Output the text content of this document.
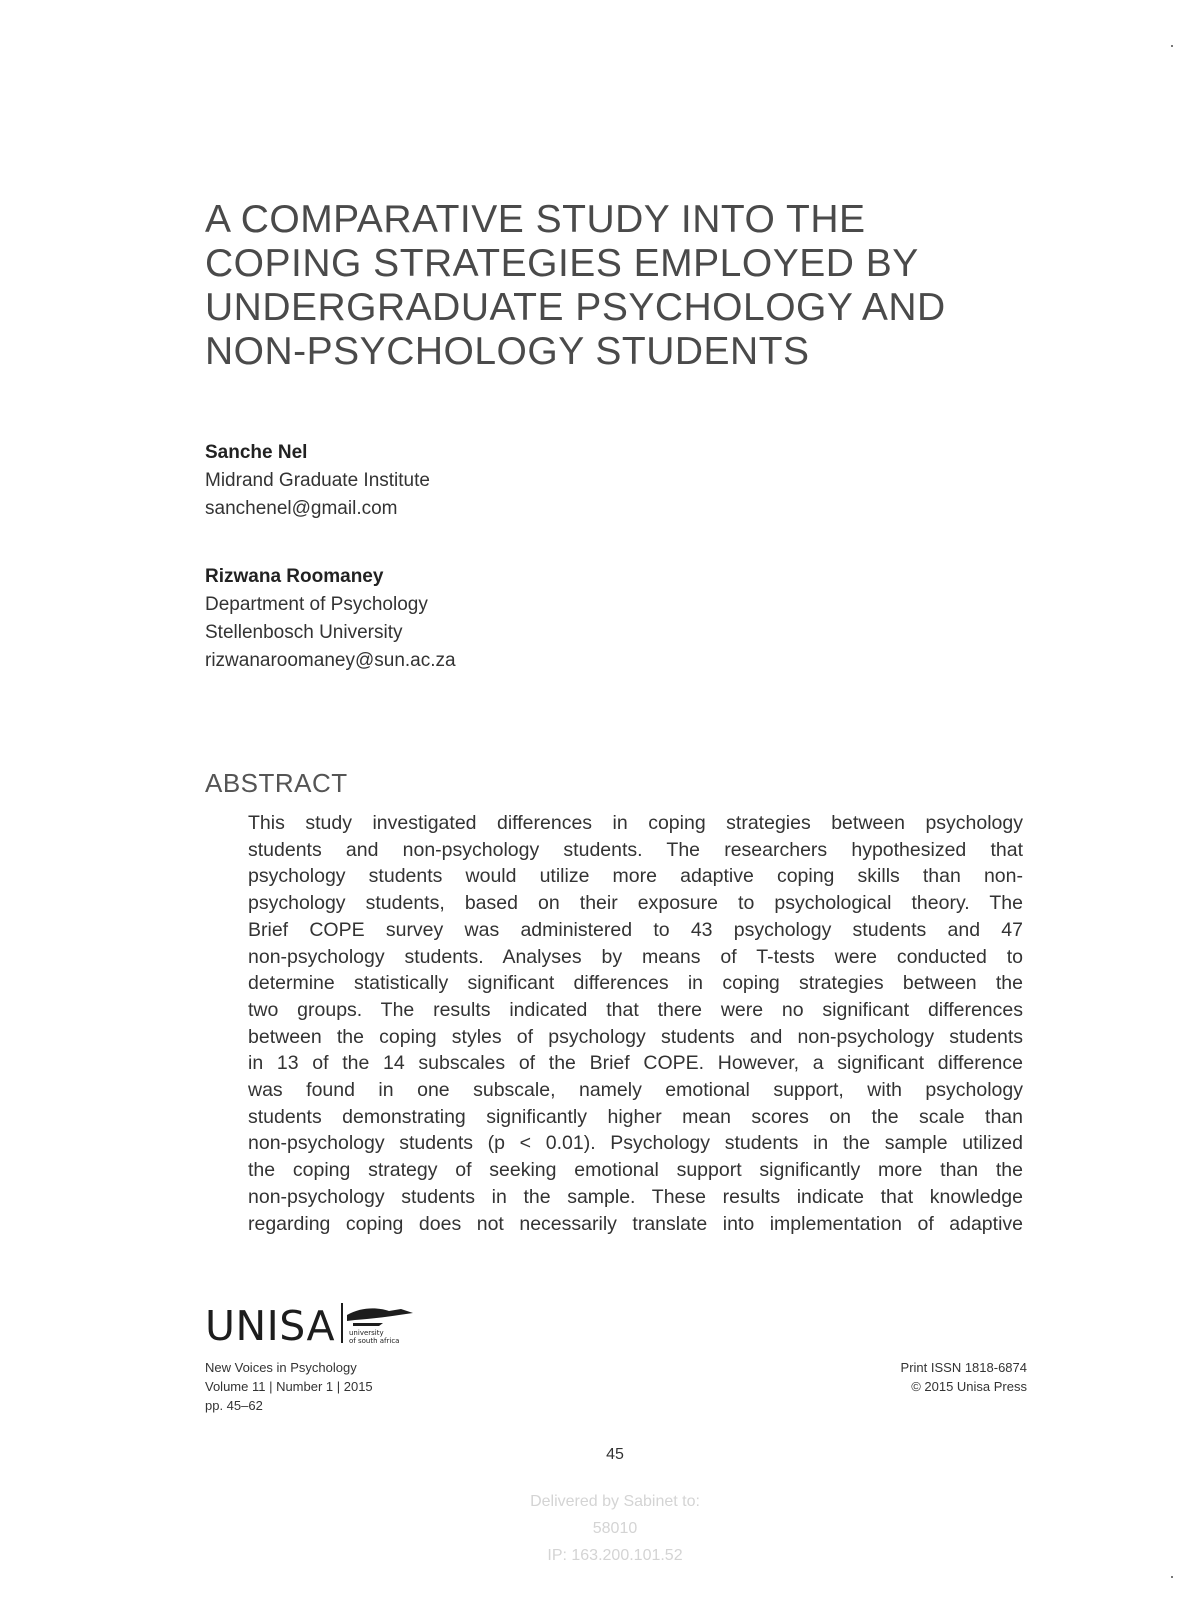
A COMPARATIVE STUDY INTO THE
COPING STRATEGIES EMPLOYED BY
UNDERGRADUATE PSYCHOLOGY AND
NON-PSYCHOLOGY STUDENTS
Sanche Nel
Midrand Graduate Institute
sanchenel@gmail.com
Rizwana Roomaney
Department of Psychology
Stellenbosch University
rizwanaroomaney@sun.ac.za
ABSTRACT
This study investigated differences in coping strategies between psychology
students and non-psychology students. The researchers hypothesized that
psychology students would utilize more adaptive coping skills than non-
psychology students, based on their exposure to psychological theory. The
Brief COPE survey was administered to 43 psychology students and 47
non-psychology students. Analyses by means of T-tests were conducted to
determine statistically significant differences in coping strategies between the
two groups. The results indicated that there were no significant differences
between the coping styles of psychology students and non-psychology students
in 13 of the 14 subscales of the Brief COPE. However, a significant difference
was found in one subscale, namely emotional support, with psychology
students demonstrating significantly higher mean scores on the scale than
non-psychology students (p < 0.01). Psychology students in the sample utilized
the coping strategy of seeking emotional support significantly more than the
non-psychology students in the sample. These results indicate that knowledge
regarding coping does not necessarily translate into implementation of adaptive
UNISA university
of south africa
New Voices in Psychology
Volume 11 | Number 1 | 2015
pp. 45–62
Print ISSN 1818-6874
© 2015 Unisa Press
45
Delivered by Sabinet to:
58010
IP: 163.200.101.52
